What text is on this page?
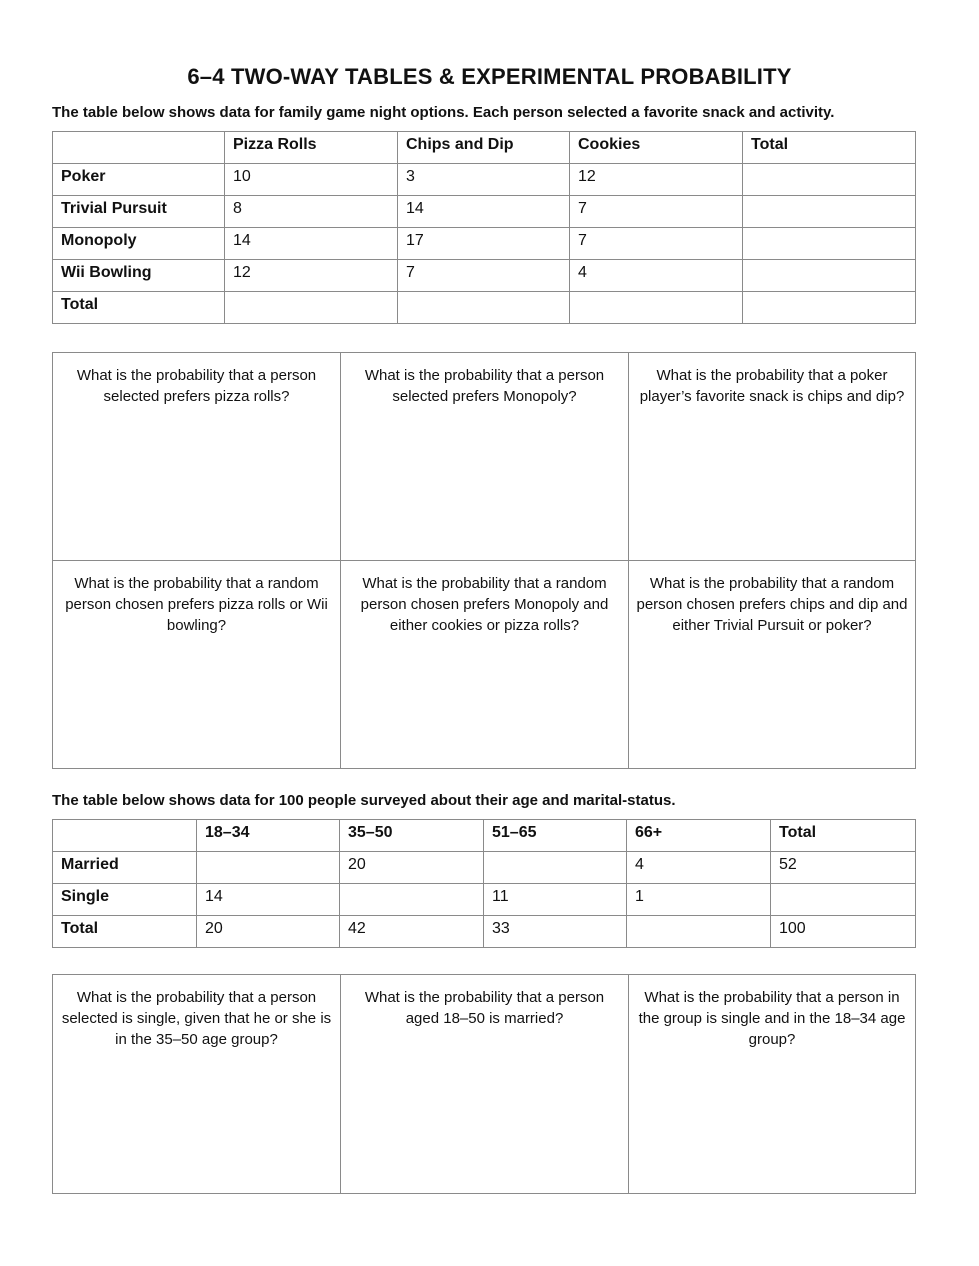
6–4 TWO-WAY TABLES & EXPERIMENTAL PROBABILITY
The table below shows data for family game night options. Each person selected a favorite snack and activity.
	Pizza Rolls	Chips and Dip	Cookies	Total
Poker	10	3	12	
Trivial Pursuit	8	14	7	
Monopoly	14	17	7	
Wii Bowling	12	7	4	
Total				
What is the probability that a person selected prefers pizza rolls?	What is the probability that a person selected prefers Monopoly?	What is the probability that a poker player’s favorite snack is chips and dip?
What is the probability that a random person chosen prefers pizza rolls or Wii bowling?	What is the probability that a random person chosen prefers Monopoly and either cookies or pizza rolls?	What is the probability that a random person chosen prefers chips and dip and either Trivial Pursuit or poker?
The table below shows data for 100 people surveyed about their age and marital-status.
	18–34	35–50	51–65	66+	Total
Married		20		4	52
Single	14		11	1	
Total	20	42	33		100
What is the probability that a person selected is single, given that he or she is in the 35–50 age group?	What is the probability that a person aged 18–50 is married?	What is the probability that a person in the group is single and in the 18–34 age group?
